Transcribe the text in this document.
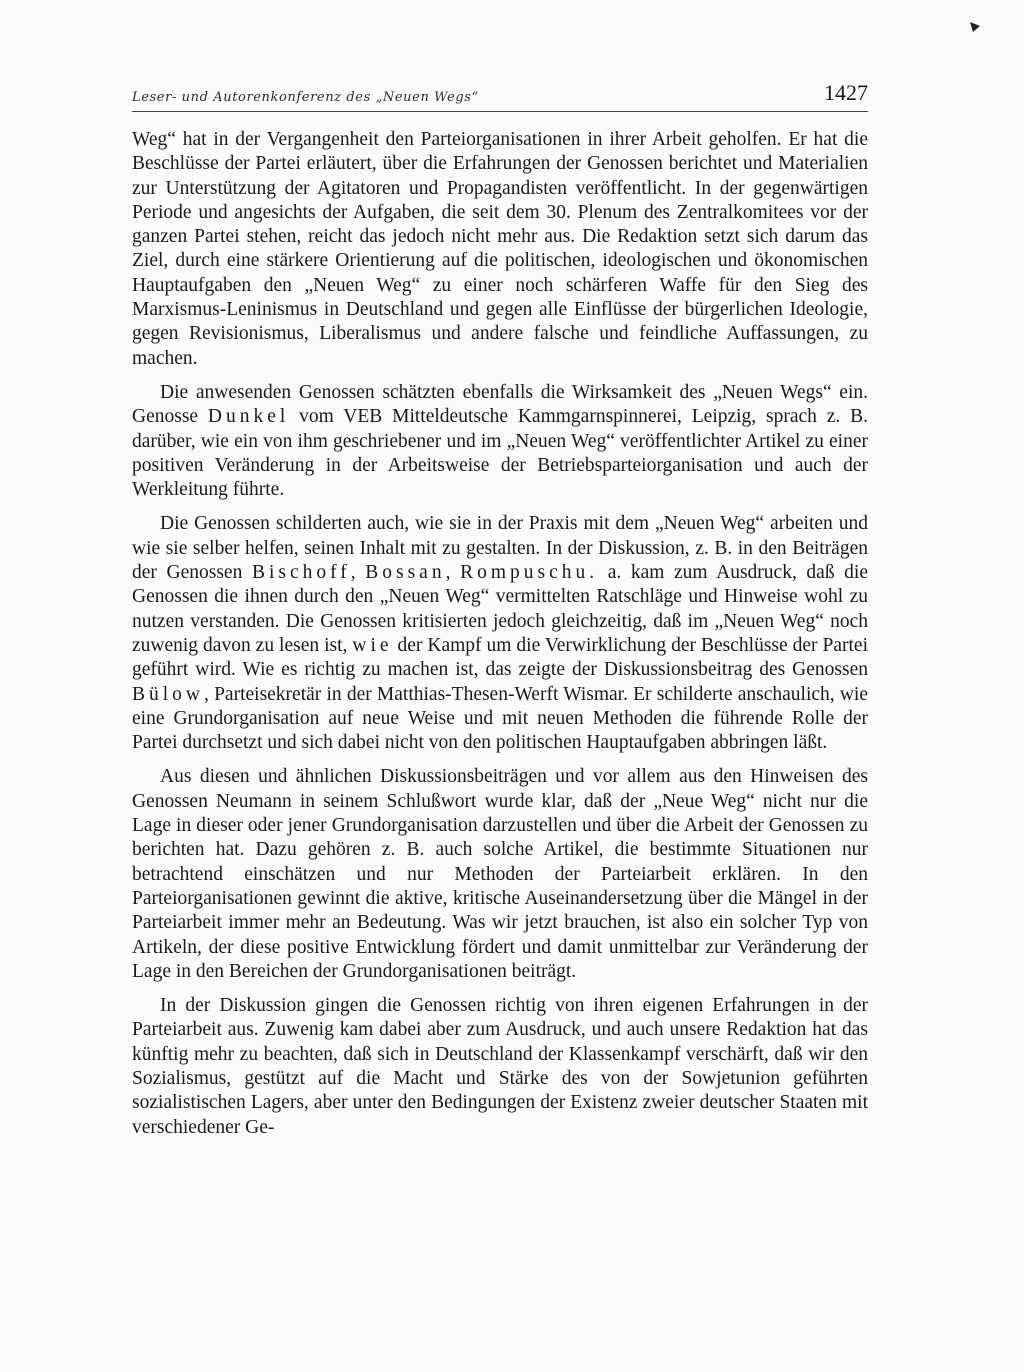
Leser- und Autorenkonferenz des „Neuen Wegs“	1427

Weg“ hat in der Vergangenheit den Parteiorganisationen in ihrer Arbeit geholfen. Er hat die Beschlüsse der Partei erläutert, über die Erfahrungen der Genossen berichtet und Materialien zur Unterstützung der Agitatoren und Propagandisten veröffentlicht. In der gegenwärtigen Periode und angesichts der Aufgaben, die seit dem 30. Plenum des Zentralkomitees vor der ganzen Partei stehen, reicht das jedoch nicht mehr aus. Die Redaktion setzt sich darum das Ziel, durch eine stärkere Orientierung auf die politischen, ideologischen und ökonomischen Hauptaufgaben den „Neuen Weg“ zu einer noch schärferen Waffe für den Sieg des Marxismus-Leninismus in Deutschland und gegen alle Einflüsse der bürgerlichen Ideologie, gegen Revisionismus, Liberalismus und andere falsche und feindliche Auffassungen, zu machen.

Die anwesenden Genossen schätzten ebenfalls die Wirksamkeit des „Neuen Wegs“ ein. Genosse Dunkel vom VEB Mitteldeutsche Kammgarnspinnerei, Leipzig, sprach z. B. darüber, wie ein von ihm geschriebener und im „Neuen Weg“ veröffentlichter Artikel zu einer positiven Veränderung in der Arbeitsweise der Betriebsparteiorganisation und auch der Werkleitung führte.

Die Genossen schilderten auch, wie sie in der Praxis mit dem „Neuen Weg“ arbeiten und wie sie selber helfen, seinen Inhalt mit zu gestalten. In der Diskussion, z. B. in den Beiträgen der Genossen Bischoff, Bossan, Rompuschu. a. kam zum Ausdruck, daß die Genossen die ihnen durch den „Neuen Weg“ vermittelten Ratschläge und Hinweise wohl zu nutzen verstanden. Die Genossen kritisierten jedoch gleichzeitig, daß im „Neuen Weg“ noch zuwenig davon zu lesen ist, wie der Kampf um die Verwirklichung der Beschlüsse der Partei geführt wird. Wie es richtig zu machen ist, das zeigte der Diskussionsbeitrag des Genossen Bülow, Parteisekretär in der Matthias-Thesen-Werft Wismar. Er schilderte anschaulich, wie eine Grundorganisation auf neue Weise und mit neuen Methoden die führende Rolle der Partei durchsetzt und sich dabei nicht von den politischen Hauptaufgaben abbringen läßt.

Aus diesen und ähnlichen Diskussionsbeiträgen und vor allem aus den Hinweisen des Genossen Neumann in seinem Schlußwort wurde klar, daß der „Neue Weg“ nicht nur die Lage in dieser oder jener Grundorganisation darzustellen und über die Arbeit der Genossen zu berichten hat. Dazu gehören z. B. auch solche Artikel, die bestimmte Situationen nur betrachtend einschätzen und nur Methoden der Parteiarbeit erklären. In den Parteiorganisationen gewinnt die aktive, kritische Auseinandersetzung über die Mängel in der Parteiarbeit immer mehr an Bedeutung. Was wir jetzt brauchen, ist also ein solcher Typ von Artikeln, der diese positive Entwicklung fördert und damit unmittelbar zur Veränderung der Lage in den Bereichen der Grundorganisationen beiträgt.

In der Diskussion gingen die Genossen richtig von ihren eigenen Erfahrungen in der Parteiarbeit aus. Zuwenig kam dabei aber zum Ausdruck, und auch unsere Redaktion hat das künftig mehr zu beachten, daß sich in Deutschland der Klassenkampf verschärft, daß wir den Sozialismus, gestützt auf die Macht und Stärke des von der Sowjetunion geführten sozialistischen Lagers, aber unter den Bedingungen der Existenz zweier deutscher Staaten mit verschiedener Ge-
